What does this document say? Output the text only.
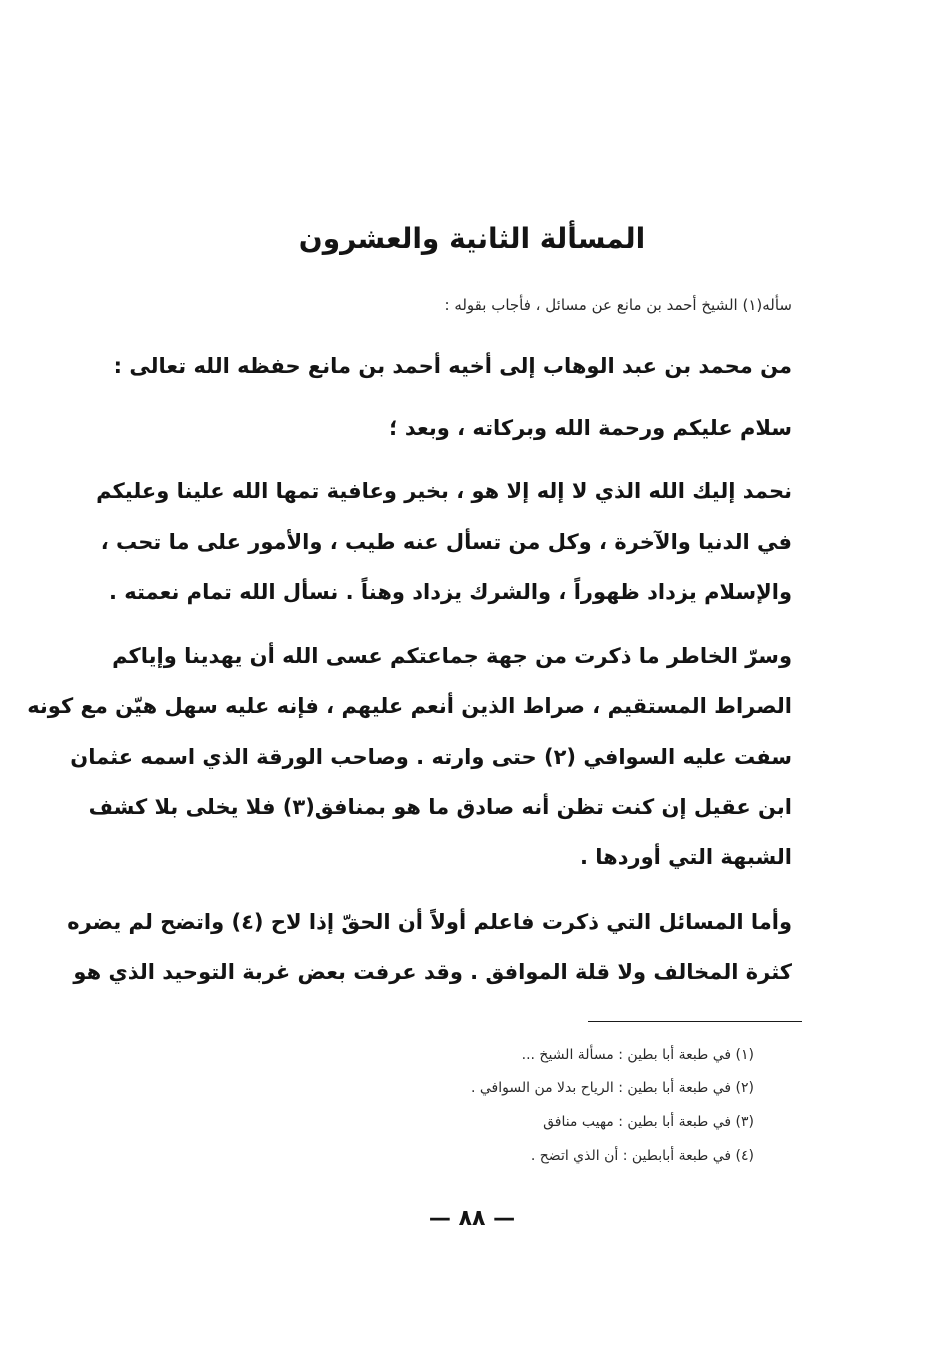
المسألة الثانية والعشرون
سأله(١) الشيخ أحمد بن مانع عن مسائل ، فأجاب بقوله :
من محمد بن عبد الوهاب إلى أخيه أحمد بن مانع حفظه الله تعالى :
سلام عليكم ورحمة الله وبركاته ، وبعد ؛
نحمد إليك الله الذي لا إله إلا هو ، بخير وعافية تمها الله علينا وعليكم
في الدنيا والآخرة ، وكل من تسأل عنه طيب ، والأمور على ما تحب ،
والإسلام يزداد ظهوراً ، والشرك يزداد وهناً . نسأل الله تمام نعمته .
وسرّ الخاطر ما ذكرت من جهة جماعتكم عسى الله أن يهدينا وإياكم
الصراط المستقيم ، صراط الذين أنعم عليهم ، فإنه عليه سهل هيّن مع كونه
سفت عليه السوافي (٢) حتى وارته . وصاحب الورقة الذي اسمه عثمان
ابن عقيل إن كنت تظن أنه صادق ما هو بمنافق(٣) فلا يخلى بلا كشف
الشبهة التي أوردها .
وأما المسائل التي ذكرت فاعلم أولاً أن الحقّ إذا لاح (٤) واتضح لم يضره
كثرة المخالف ولا قلة الموافق . وقد عرفت بعض غربة التوحيد الذي هو
(١) في طبعة أبا بطين : مسألة الشيخ ...
(٢) في طبعة أبا بطين : الرياح بدلا من السوافي .
(٣) في طبعة أبا بطين : مهيب منافق
(٤) في طبعة أبابطين : أن الذي اتضح .
— ٨٨ —
